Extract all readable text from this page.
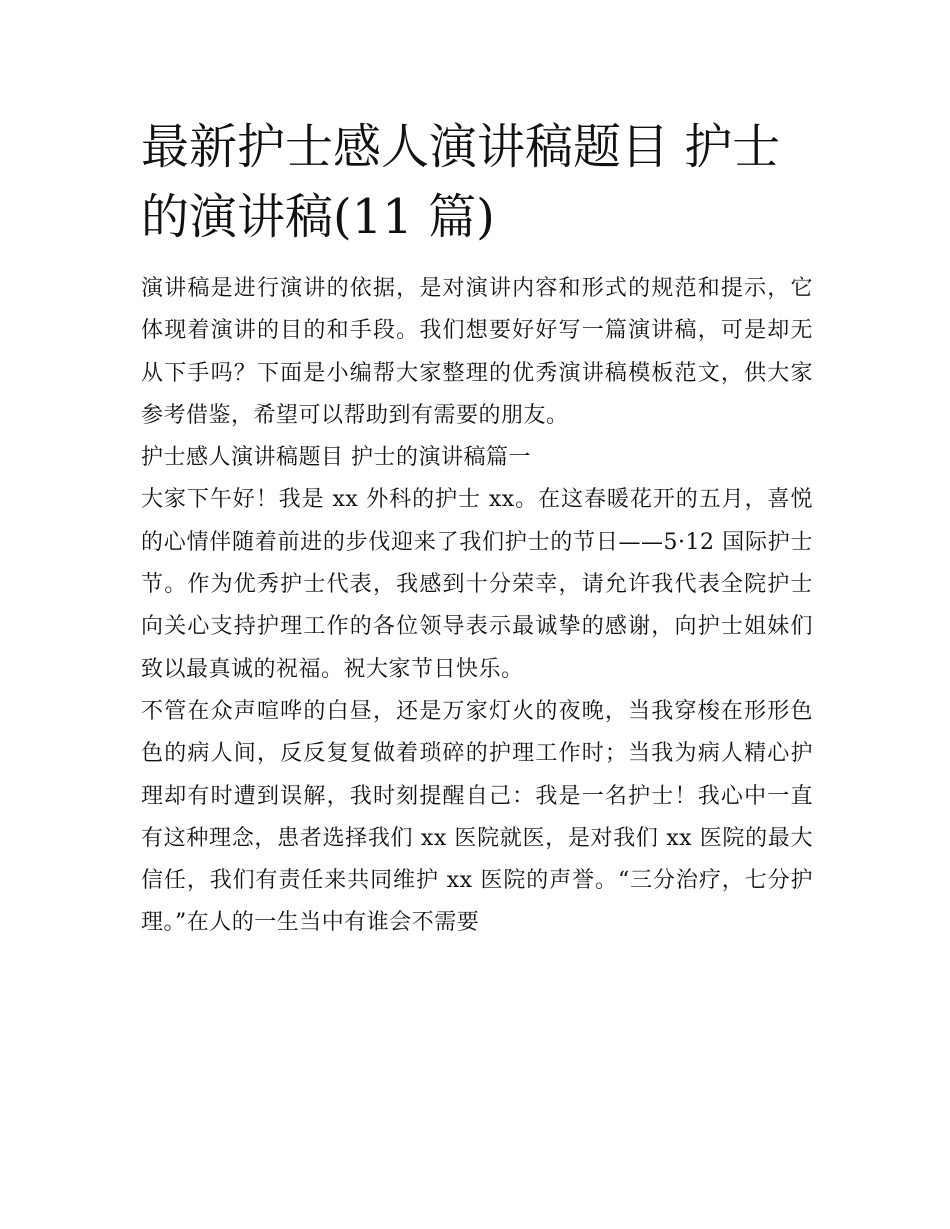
最新护士感人演讲稿题目 护士的演讲稿(11 篇)

演讲稿是进行演讲的依据，是对演讲内容和形式的规范和提示，它体现着演讲的目的和手段。我们想要好好写一篇演讲稿，可是却无从下手吗？下面是小编帮大家整理的优秀演讲稿模板范文，供大家参考借鉴，希望可以帮助到有需要的朋友。

护士感人演讲稿题目 护士的演讲稿篇一

大家下午好！我是 xx 外科的护士 xx。在这春暖花开的五月，喜悦的心情伴随着前进的步伐迎来了我们护士的节日——5·12 国际护士节。作为优秀护士代表，我感到十分荣幸，请允许我代表全院护士向关心支持护理工作的各位领导表示最诚挚的感谢，向护士姐妹们致以最真诚的祝福。祝大家节日快乐。

不管在众声喧哗的白昼，还是万家灯火的夜晚，当我穿梭在形形色色的病人间，反反复复做着琐碎的护理工作时；当我为病人精心护理却有时遭到误解，我时刻提醒自己：我是一名护士！我心中一直有这种理念，患者选择我们 xx 医院就医，是对我们 xx 医院的最大信任，我们有责任来共同维护 xx 医院的声誉。“三分治疗，七分护理。”在人的一生当中有谁会不需要
